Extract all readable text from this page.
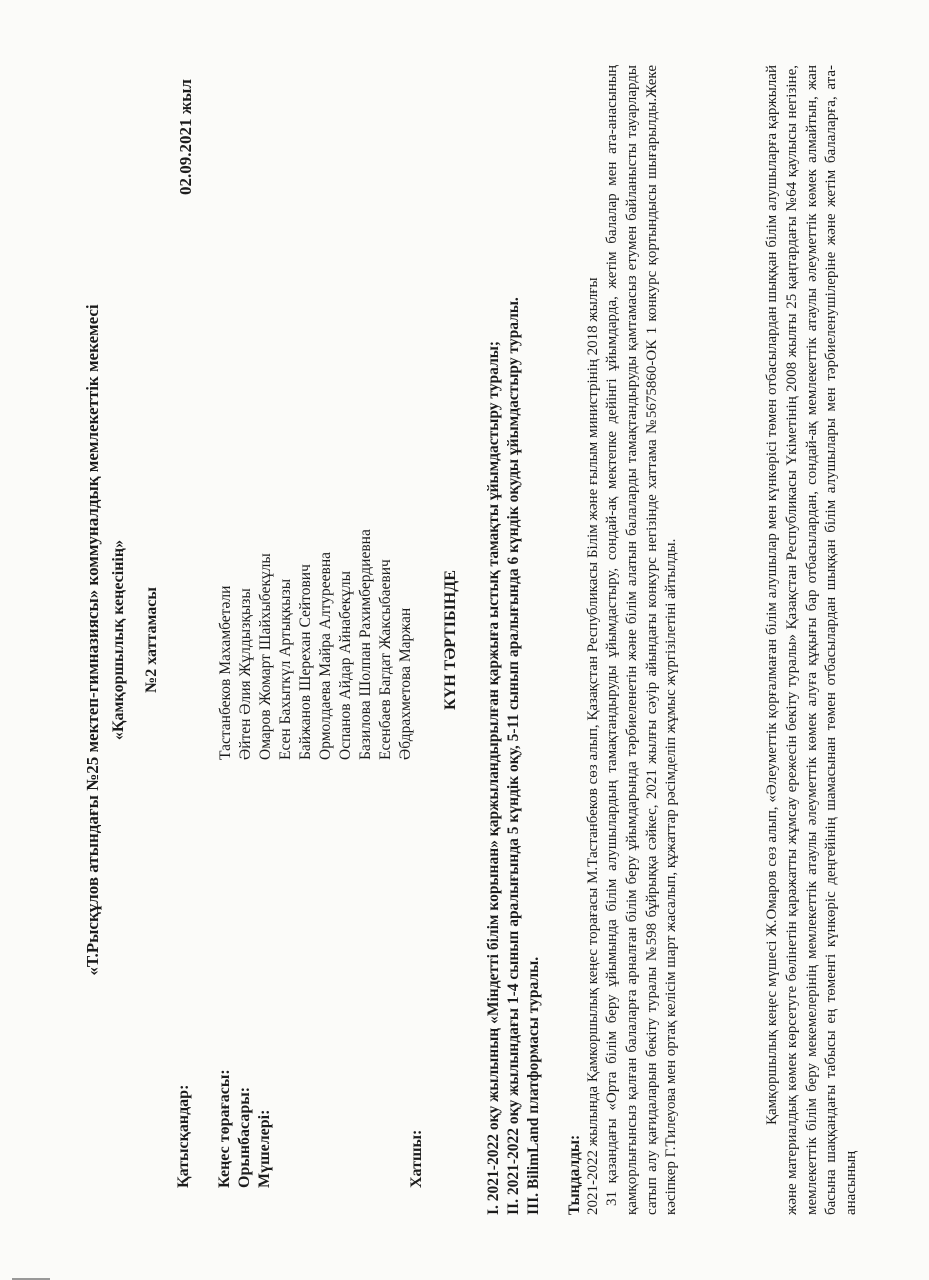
«Т.Рысқұлов атындағы №25 мектеп-гимназиясы» коммуналдық мемлекеттік мекемесі «Қамқоршылық кеңесінің» №2 хаттамасы
02.09.2021 жыл
Қатысқандар: Кеңес төрағасы: Орынбасары: Мүшелері:	Хатшы:
Тастанбеков Махамбетәли Әйтен Әлия Жұлдызқызы Омаров Жомарт Шайхыбекұлы Есен Бахыткүл Артықкызы Байжанов Шерехан Сейтович Ормолдаева Майра Алтуреевна Оспанов Айдар Айнабекұлы Базилова Шолпан Рахимбердиевна Есенбаев Багдат Жаксыбаевич Әбдрахметова Маржан КҮН ТӘРТІБІНДЕ І. 2021-2022 оқу жылының «Міндетті білім корынан» қаржыландырылған қаржыға ыстық тамақты ұйымдастыру туралы; ІІ. 2021-2022 оқу жылындағы 1-4 сынып аралығында 5 күндік оқу, 5-11 сынып аралығында 6 күндік оқуды ұйымдастыру туралы. ІІІ. BilimLand платформасы туралы. Тыңдалды: 2021-2022 жылында Қамкоршылық кеңес торағасы М.Тастанбеков сөз алып, Қазақстан Республикасы Білім және ғылым министрінің 2018 жылғы 31 қазандағы «Орта білім беру ұйымында білім алушылардың тамақтандыруды ұйымдастыру, сондай-ақ мектепке дейінгі ұйымдарда, жетім балалар мен ата-анасының қамқорлығынсыз қалған балаларға арналған білім беру ұйымдарында тәрбиеленетін және білім алатын балаларды тамақтандыруды қамтамасыз етумен байланысты тауарларды сатып алу қағидаларын бекіту туралы №598 бұйрыққа сәйкес, 2021 жылғы сәуір айындағы конкурс негізінде хаттама №5675860-ОК 1 конкурс қортындысы шығарылды.Жеке кәсіпкер Г.Тилеуова мен ортақ келісім шарт жасалып, құжаттар рәсімделіп жұмыс жүргізілетіні айтылды.	Қамқоршылық кеңес мүшесі Ж.Омаров сөз алып, «Әлеуметтік қорғалмаған білім алушылар мен күнкөрісі төмен отбасылардан шыққан білім алушыларға қаржылай және материалдық көмек көрсетуге бөлінетін қаражатты жұмсау ережесін бекіту туралы» Қазақстан Республикасы Үкіметінің 2008 жылғы 25 қаңтардағы №64 қаулысы негізіне, мемлекеттік білім беру мекемелерінің мемлекеттік атаулы әлеуметтік көмек алуға құқығы бар отбасылардан, сондай-ақ мемлекеттік атаулы әлеуметтік көмек алмайтын, жан басына шаққандағы табысы ең төменгі күнкөріс деңгейінің шамасынан төмен отбасылардан шыққан білім алушылары мен тәрбиеленушілеріне және жетім балаларға, ата-анасының
